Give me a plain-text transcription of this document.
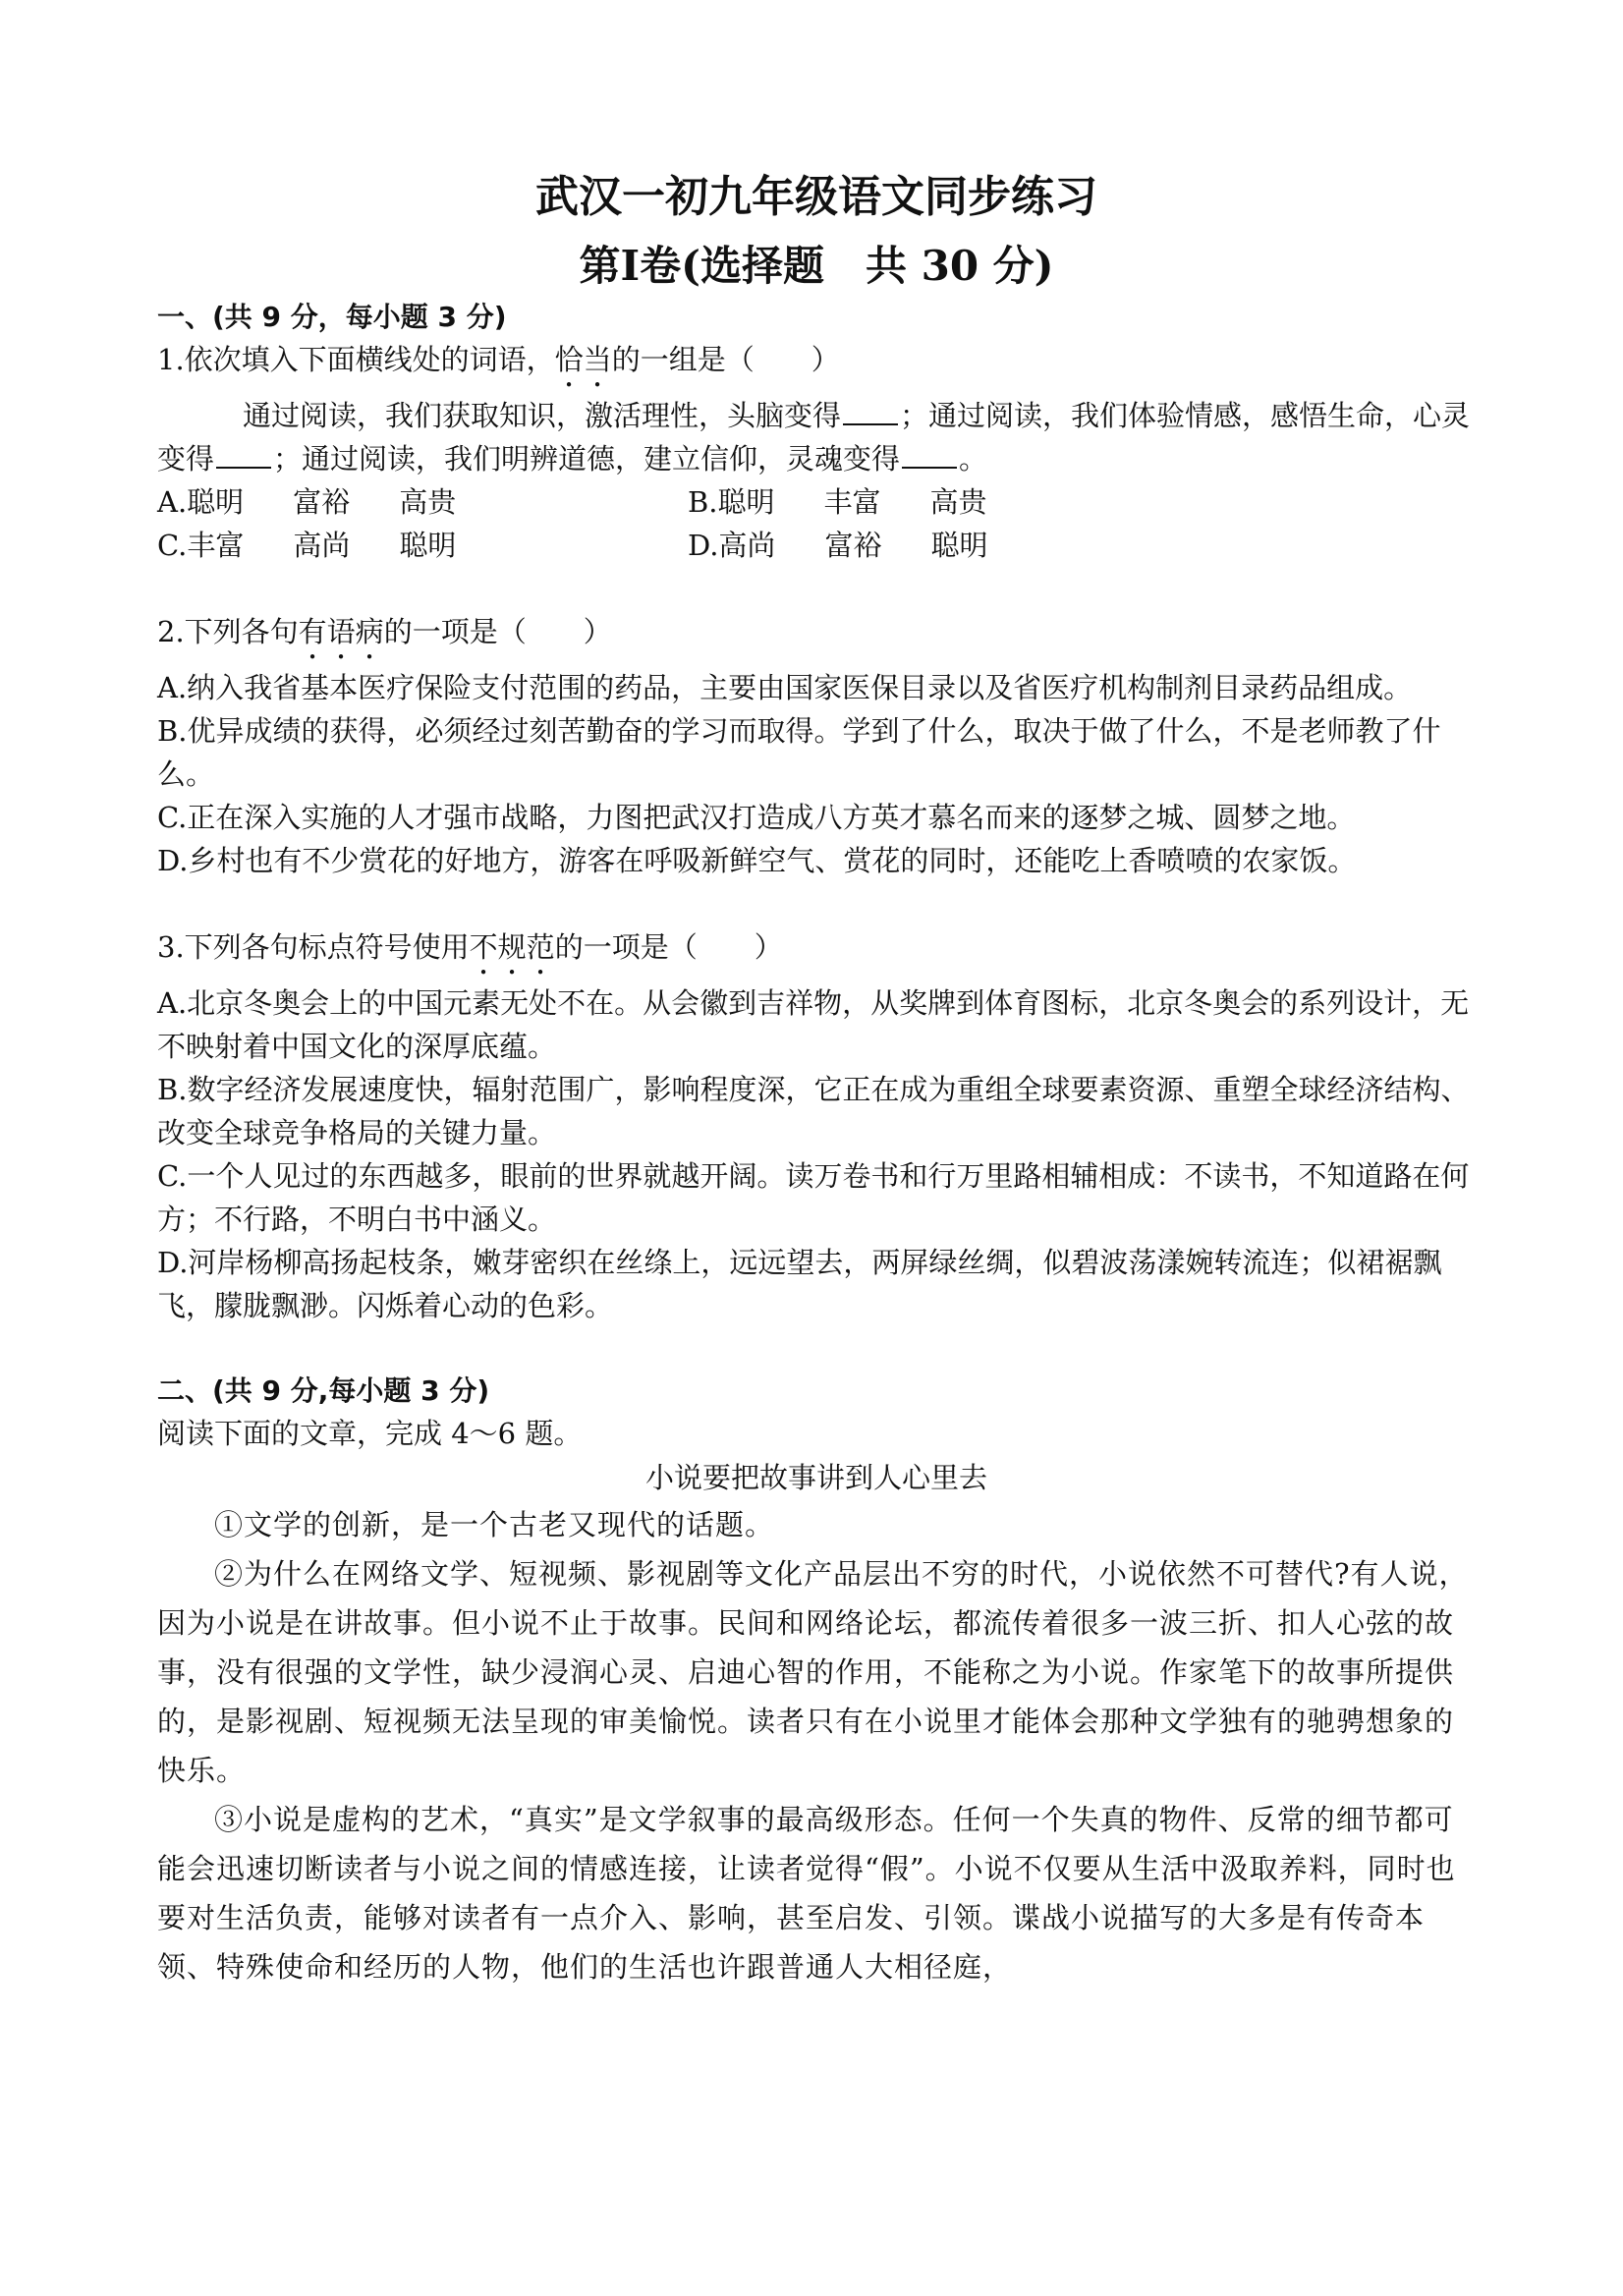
武汉一初九年级语文同步练习
第Ⅰ卷(选择题　共 30 分)

一、(共 9 分，每小题 3 分)

1.依次填入下面横线处的词语，恰当的一组是（　　）

通过阅读，我们获取知识，激活理性，头脑变得 ；通过阅读，我们体验情感，感悟生命，心灵变得 ；通过阅读，我们明辨道德，建立信仰，灵魂变得 。

A.聪明 富裕 高贵	B.聪明 丰富 高贵
C.丰富 高尚 聪明	D.高尚 富裕 聪明

2.下列各句有语病的一项是（　　）

A.纳入我省基本医疗保险支付范围的药品，主要由国家医保目录以及省医疗机构制剂目录药品组成。

B.优异成绩的获得，必须经过刻苦勤奋的学习而取得。学到了什么，取决于做了什么，不是老师教了什么。

C.正在深入实施的人才强市战略，力图把武汉打造成八方英才慕名而来的逐梦之城、圆梦之地。

D.乡村也有不少赏花的好地方，游客在呼吸新鲜空气、赏花的同时，还能吃上香喷喷的农家饭。

3.下列各句标点符号使用不规范的一项是（　　）

A.北京冬奥会上的中国元素无处不在。从会徽到吉祥物，从奖牌到体育图标，北京冬奥会的系列设计，无不映射着中国文化的深厚底蕴。

B.数字经济发展速度快，辐射范围广，影响程度深，它正在成为重组全球要素资源、重塑全球经济结构、改变全球竞争格局的关键力量。

C.一个人见过的东西越多，眼前的世界就越开阔。读万卷书和行万里路相辅相成：不读书，不知道路在何方；不行路，不明白书中涵义。

D.河岸杨柳高扬起枝条，嫩芽密织在丝绦上，远远望去，两屏绿丝绸，似碧波荡漾婉转流连；似裙裾飘飞，朦胧飘渺。闪烁着心动的色彩。

二、(共 9 分,每小题 3 分)

阅读下面的文章，完成 4～6 题。

小说要把故事讲到人心里去

①文学的创新，是一个古老又现代的话题。

②为什么在网络文学、短视频、影视剧等文化产品层出不穷的时代，小说依然不可替代?有人说，因为小说是在讲故事。但小说不止于故事。民间和网络论坛，都流传着很多一波三折、扣人心弦的故事，没有很强的文学性，缺少浸润心灵、启迪心智的作用，不能称之为小说。作家笔下的故事所提供的，是影视剧、短视频无法呈现的审美愉悦。读者只有在小说里才能体会那种文学独有的驰骋想象的快乐。

③小说是虚构的艺术，“真实”是文学叙事的最高级形态。任何一个失真的物件、反常的细节都可能会迅速切断读者与小说之间的情感连接，让读者觉得“假”。小说不仅要从生活中汲取养料，同时也要对生活负责，能够对读者有一点介入、影响，甚至启发、引领。谍战小说描写的大多是有传奇本领、特殊使命和经历的人物，他们的生活也许跟普通人大相径庭，
